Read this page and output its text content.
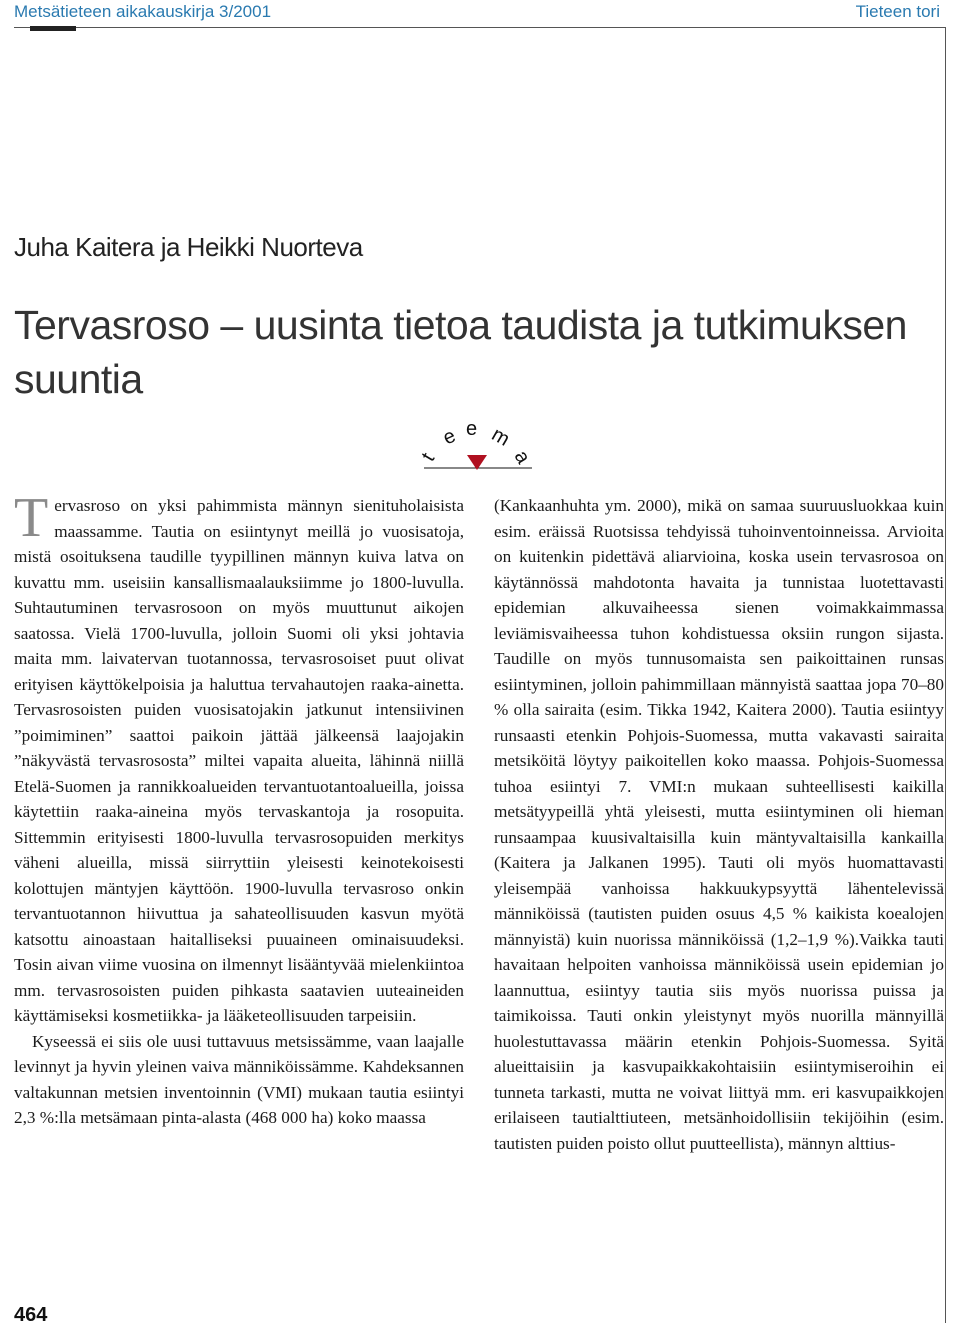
Metsätieteen aikakauskirja 3/2001	Tieteen tori
Juha Kaitera ja Heikki Nuorteva
Tervasroso – uusinta tietoa taudista ja tutkimuksen suuntia
t
e e m
a

Tervasroso on yksi pahimmista männyn sienituholaisista maassamme. Tautia on esiintynyt meillä jo vuosisatoja, mistä osoituksena taudille tyypillinen männyn kuiva latva on kuvattu mm. useisiin kansallismaalauksiimme jo 1800-luvulla. Suhtautuminen tervasrosoon on myös muuttunut aikojen saatossa. Vielä 1700-luvulla, jolloin Suomi oli yksi johtavia maita mm. laivatervan tuotannossa, tervasrosoiset puut olivat erityisen käyttökelpoisia ja haluttua tervahautojen raaka-ainetta. Tervasrosoisten puiden vuosisatojakin jatkunut intensiivinen ”poimiminen” saattoi paikoin jättää jälkeensä laajojakin ”näkyvästä tervasrososta” miltei vapaita alueita, lähinnä niillä Etelä-Suomen ja rannikkoalueiden tervantuotantoalueilla, joissa käytettiin raaka-aineina myös tervaskantoja ja rosopuita. Sittemmin erityisesti 1800-luvulla tervasrosopuiden merkitys väheni alueilla, missä siirryttiin yleisesti keinotekoisesti kolottujen mäntyjen käyttöön. 1900-luvulla tervasroso onkin tervantuotannon hiivuttua ja sahateollisuuden kasvun myötä katsottu ainoastaan haitalliseksi puuaineen ominaisuudeksi. Tosin aivan viime vuosina on ilmennyt lisääntyvää mielenkiintoa mm. tervasrosoisten puiden pihkasta saatavien uuteaineiden käyttämiseksi kosmetiikka- ja lääketeollisuuden tarpeisiin.

Kyseessä ei siis ole uusi tuttavuus metsissämme, vaan laajalle levinnyt ja hyvin yleinen vaiva männiköissämme. Kahdeksannen valtakunnan metsien inventoinnin (VMI) mukaan tautia esiintyi 2,3 %:lla metsämaan pinta-alasta (468 000 ha) koko maassa

(Kankaanhuhta ym. 2000), mikä on samaa suuruusluokkaa kuin esim. eräissä Ruotsissa tehdyissä tuhoinventoinneissa. Arvioita on kuitenkin pidettävä aliarvioina, koska usein tervasrosoa on käytännössä mahdotonta havaita ja tunnistaa luotettavasti epidemian alkuvaiheessa sienen voimakkaimmassa leviämisvaiheessa tuhon kohdistuessa oksiin rungon sijasta. Taudille on myös tunnusomaista sen paikoittainen runsas esiintyminen, jolloin pahimmillaan männyistä saattaa jopa 70–80 % olla sairaita (esim. Tikka 1942, Kaitera 2000). Tautia esiintyy runsaasti etenkin Pohjois-Suomessa, mutta vakavasti sairaita metsiköitä löytyy paikoitellen koko maassa. Pohjois-Suomessa tuhoa esiintyi 7. VMI:n mukaan suhteellisesti kaikilla metsätyypeillä yhtä yleisesti, mutta esiintyminen oli hieman runsaampaa kuusivaltaisilla kuin mäntyvaltaisilla kankailla (Kaitera ja Jalkanen 1995). Tauti oli myös huomattavasti yleisempää vanhoissa hakkuukypsyyttä lähentelevissä männiköissä (tautisten puiden osuus 4,5 % kaikista koealojen männyistä) kuin nuorissa männiköissä (1,2–1,9 %).Vaikka tauti havaitaan helpoiten vanhoissa männiköissä usein epidemian jo laannuttua, esiintyy tautia siis myös nuorissa puissa ja taimikoissa. Tauti onkin yleistynyt myös nuorilla männyillä huolestuttavassa määrin etenkin Pohjois-Suomessa. Syitä alueittaisiin ja kasvupaikkakohtaisiin esiintymiseroihin ei tunneta tarkasti, mutta ne voivat liittyä mm. eri kasvupaikkojen erilaiseen tautialttiuteen, metsänhoidollisiin tekijöihin (esim. tautisten puiden poisto ollut puutteellista), männyn alttius-

464
